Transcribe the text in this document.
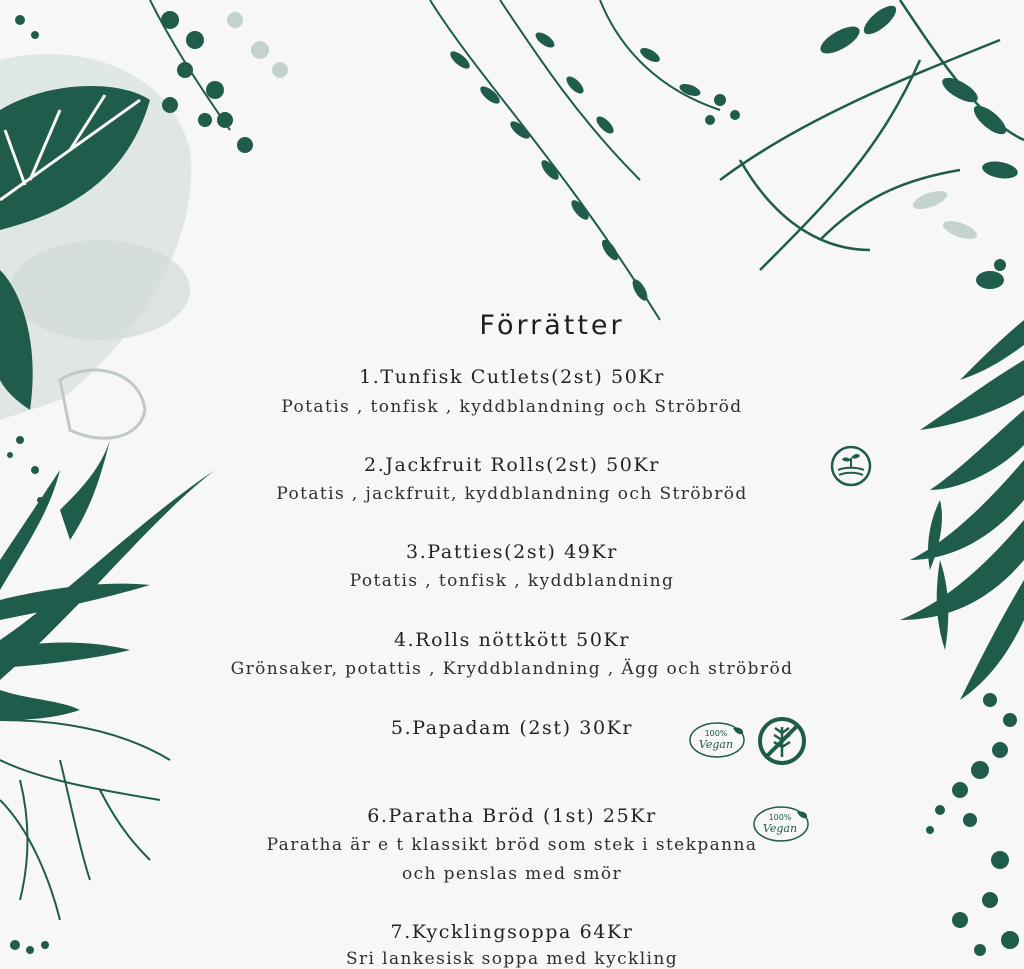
Förrätter
1.Tunfisk Cutlets(2st) 50Kr
Potatis , tonfisk , kyddblandning och Ströbröd
2.Jackfruit Rolls(2st) 50Kr
Potatis , jackfruit, kyddblandning och Ströbröd
3.Patties(2st) 49Kr
Potatis , tonfisk , kyddblandning
4.Rolls nöttkött 50Kr
Grönsaker, potattis , Kryddblandning , Ägg och ströbröd
5.Papadam (2st) 30Kr
6.Paratha Bröd (1st) 25Kr
Paratha är e t klassikt bröd som stek i stekpanna
och penslas med smör
7.Kycklingsoppa 64Kr
Sri lankesisk soppa med kyckling
100%
Vegan
100%
Vegan
